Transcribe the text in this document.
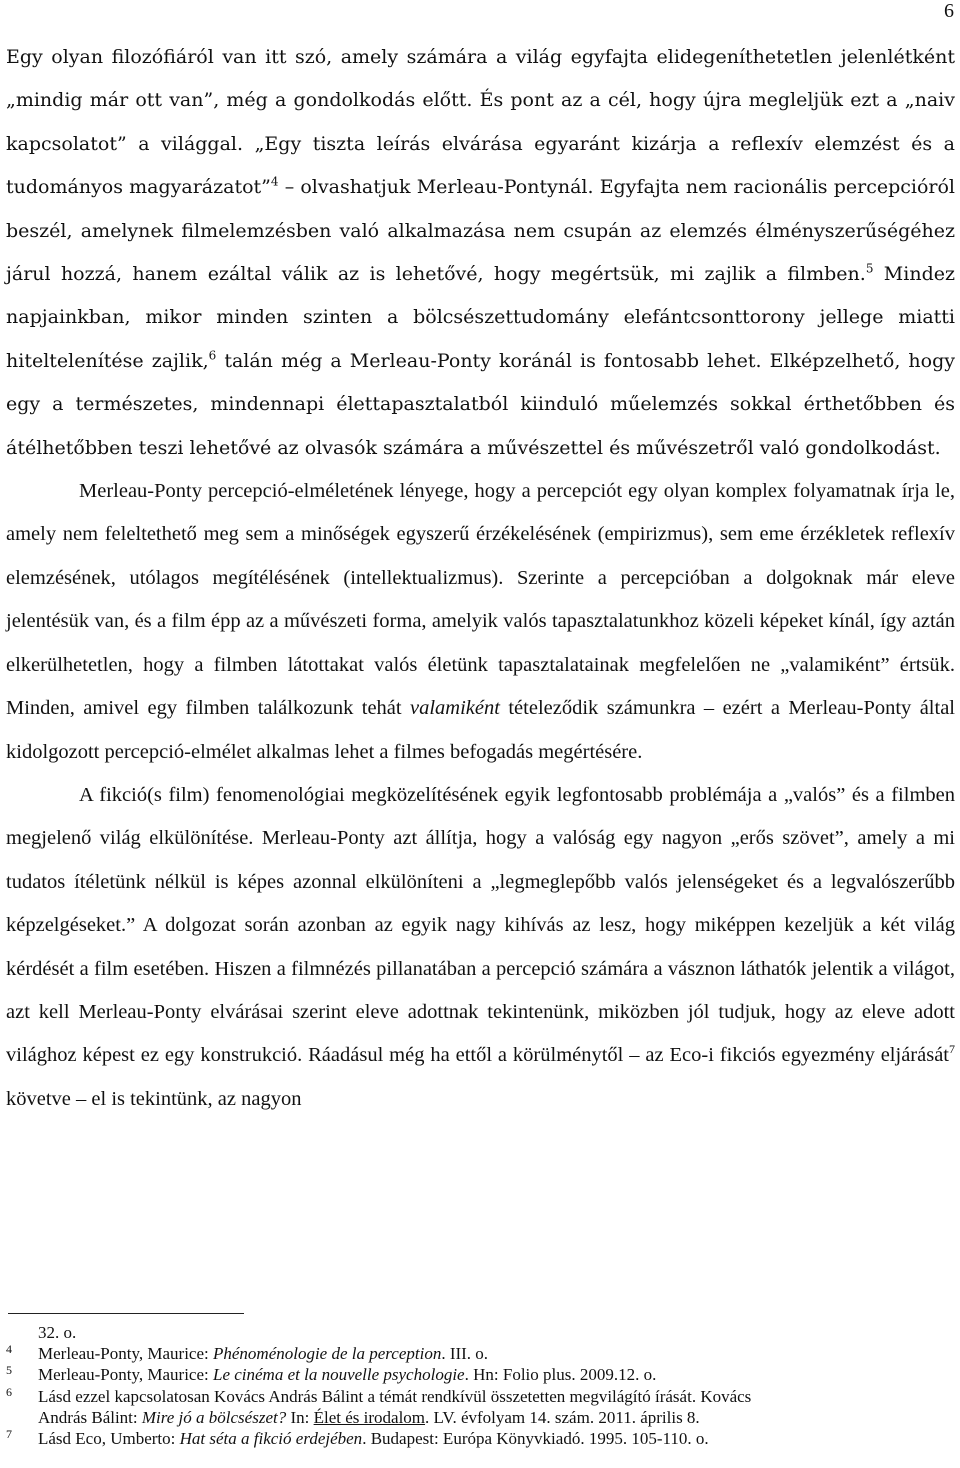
6

Egy olyan filozófiáról van itt szó, amely számára a világ egyfajta elidegeníthetetlen jelenlétként „mindig már ott van”, még a gondolkodás előtt. És pont az a cél, hogy újra megleljük ezt a „naiv kapcsolatot” a világgal. „Egy tiszta leírás elvárása egyaránt kizárja a reflexív elemzést és a tudományos magyarázatot”$^4$ – olvashatjuk Merleau-Pontynál. Egyfajta nem racionális percepcióról beszél, amelynek filmelemzésben való alkalmazása nem csupán az elemzés élményszerűségéhez járul hozzá, hanem ezáltal válik az is lehetővé, hogy megértsük, mi zajlik a filmben.$^5$ Mindez napjainkban, mikor minden szinten a bölcsészettudomány elefántcsonttorony jellege miatti hiteltelenítése zajlik,$^6$ talán még a Merleau-Ponty koránál is fontosabb lehet. Elképzelhető, hogy egy a természetes, mindennapi élettapasztalatból kiinduló műelemzés sokkal érthetőbben és átélhetőbben teszi lehetővé az olvasók számára a művészettel és művészetről való gondolkodást.

Merleau-Ponty percepció-elméletének lényege, hogy a percepciót egy olyan komplex folyamatnak írja le, amely nem feleltethető meg sem a minőségek egyszerű érzékelésének (empirizmus), sem eme érzékletek reflexív elemzésének, utólagos megítélésének (intellektualizmus). Szerinte a percepcióban a dolgoknak már eleve jelentésük van, és a film épp az a művészeti forma, amelyik valós tapasztalatunkhoz közeli képeket kínál, így aztán elkerülhetetlen, hogy a filmben látottakat valós életünk tapasztalatainak megfelelően ne „valamiként” értsük. Minden, amivel egy filmben találkozunk tehát valamiként tételeződik számunkra – ezért a Merleau-Ponty által kidolgozott percepció-elmélet alkalmas lehet a filmes befogadás megértésére.

A fikció(s film) fenomenológiai megközelítésének egyik legfontosabb problémája a „valós” és a filmben megjelenő világ elkülönítése. Merleau-Ponty azt állítja, hogy a valóság egy nagyon „erős szövet”, amely a mi tudatos ítéletünk nélkül is képes azonnal elkülöníteni a „legmeglepőbb valós jelenségeket és a legvalószerűbb képzelgéseket.” A dolgozat során azonban az egyik nagy kihívás az lesz, hogy miképpen kezeljük a két világ kérdését a film esetében. Hiszen a filmnézés pillanatában a percepció számára a vásznon láthatók jelentik a világot, azt kell Merleau-Ponty elvárásai szerint eleve adottnak tekintenünk, miközben jól tudjuk, hogy az eleve adott világhoz képest ez egy konstrukció. Ráadásul még ha ettől a körülménytől – az Eco-i fikciós egyezmény eljárását$^7$ követve – el is tekintünk, az nagyon

32. o.
4 Merleau-Ponty, Maurice: Phénoménologie de la perception. III. o.
5 Merleau-Ponty, Maurice: Le cinéma et la nouvelle psychologie. Hn: Folio plus. 2009.12. o.
6 Lásd ezzel kapcsolatosan Kovács András Bálint a témát rendkívül összetetten megvilágító írását. Kovács
András Bálint: Mire jó a bölcsészet? In: Élet és irodalom. LV. évfolyam 14. szám. 2011. április 8.
7 Lásd Eco, Umberto: Hat séta a fikció erdejében. Budapest: Európa Könyvkiadó. 1995. 105-110. o.
